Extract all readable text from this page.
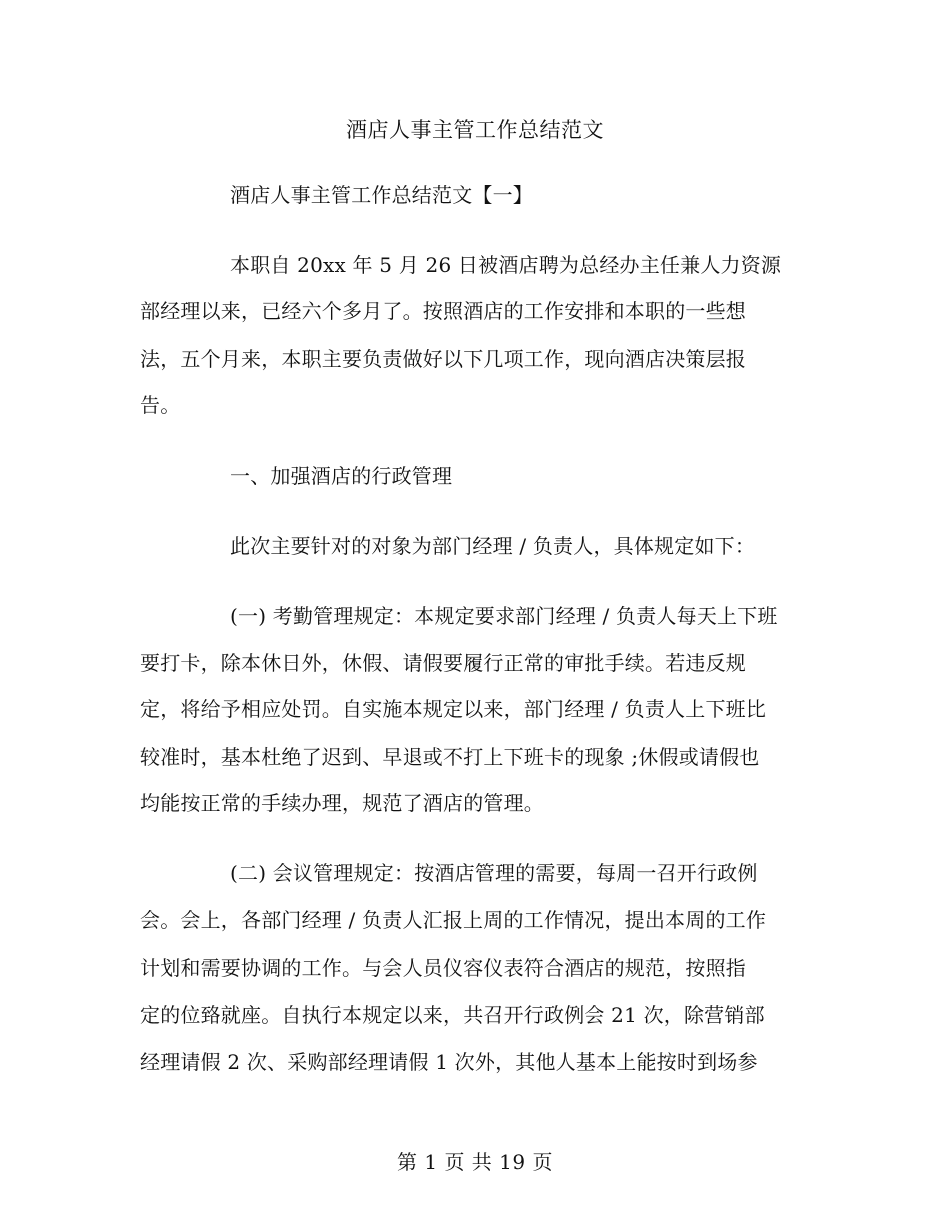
酒店人事主管工作总结范文
酒店人事主管工作总结范文【一】
本职自 20xx 年 5 月 26 日被酒店聘为总经办主任兼人力资源
部经理以来，已经六个多月了。按照酒店的工作安排和本职的一些想
法，五个月来，本职主要负责做好以下几项工作，现向酒店决策层报
告。
一、加强酒店的行政管理
此次主要针对的对象为部门经理 / 负责人，具体规定如下：
(一) 考勤管理规定：本规定要求部门经理 / 负责人每天上下班
要打卡，除本休日外，休假、请假要履行正常的审批手续。若违反规
定，将给予相应处罚。自实施本规定以来，部门经理 / 负责人上下班比
较准时，基本杜绝了迟到、早退或不打上下班卡的现象 ;休假或请假也
均能按正常的手续办理，规范了酒店的管理。
(二) 会议管理规定：按酒店管理的需要，每周一召开行政例
会。会上，各部门经理 / 负责人汇报上周的工作情况，提出本周的工作
计划和需要协调的工作。与会人员仪容仪表符合酒店的规范，按照指
定的位臵就座。自执行本规定以来，共召开行政例会 21 次，除营销部
经理请假 2 次、采购部经理请假 1 次外，其他人基本上能按时到场参
第 1 页 共 19 页
